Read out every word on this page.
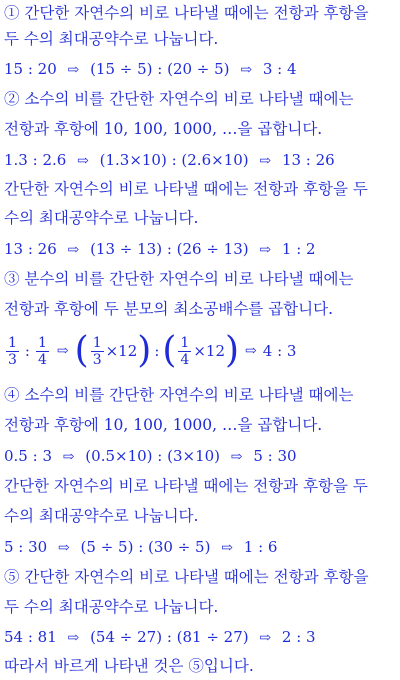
① 간단한 자연수의 비로 나타낼 때에는 전항과 후항을
두 수의 최대공약수로 나눕니다.
15 : 20 ⇨ (15 ÷ 5) : (20 ÷ 5) ⇨ 3 : 4
② 소수의 비를 간단한 자연수의 비로 나타낼 때에는
전항과 후항에 10, 100, 1000, …을 곱합니다.
1.3 : 2.6 ⇨ (1.3×10) : (2.6×10) ⇨ 13 : 26
간단한 자연수의 비로 나타낼 때에는 전항과 후항을 두
수의 최대공약수로 나눕니다.
13 : 26 ⇨ (13 ÷ 13) : (26 ÷ 13) ⇨ 1 : 2
③ 분수의 비를 간단한 자연수의 비로 나타낼 때에는
전항과 후항에 두 분모의 최소공배수를 곱합니다.
$\frac{1}{3}$ : $\frac{1}{4}$ ⇨ ( $\frac{1}{3} \times 12$ ) : ( $\frac{1}{4} \times 12$ ) ⇨ 4 : 3
④ 소수의 비를 간단한 자연수의 비로 나타낼 때에는
전항과 후항에 10, 100, 1000, …을 곱합니다.
0.5 : 3 ⇨ (0.5×10) : (3×10) ⇨ 5 : 30
간단한 자연수의 비로 나타낼 때에는 전항과 후항을 두
수의 최대공약수로 나눕니다.
5 : 30 ⇨ (5 ÷ 5) : (30 ÷ 5) ⇨ 1 : 6
⑤ 간단한 자연수의 비로 나타낼 때에는 전항과 후항을
두 수의 최대공약수로 나눕니다.
54 : 81 ⇨ (54 ÷ 27) : (81 ÷ 27) ⇨ 2 : 3
따라서 바르게 나타낸 것은 ⑤입니다.
